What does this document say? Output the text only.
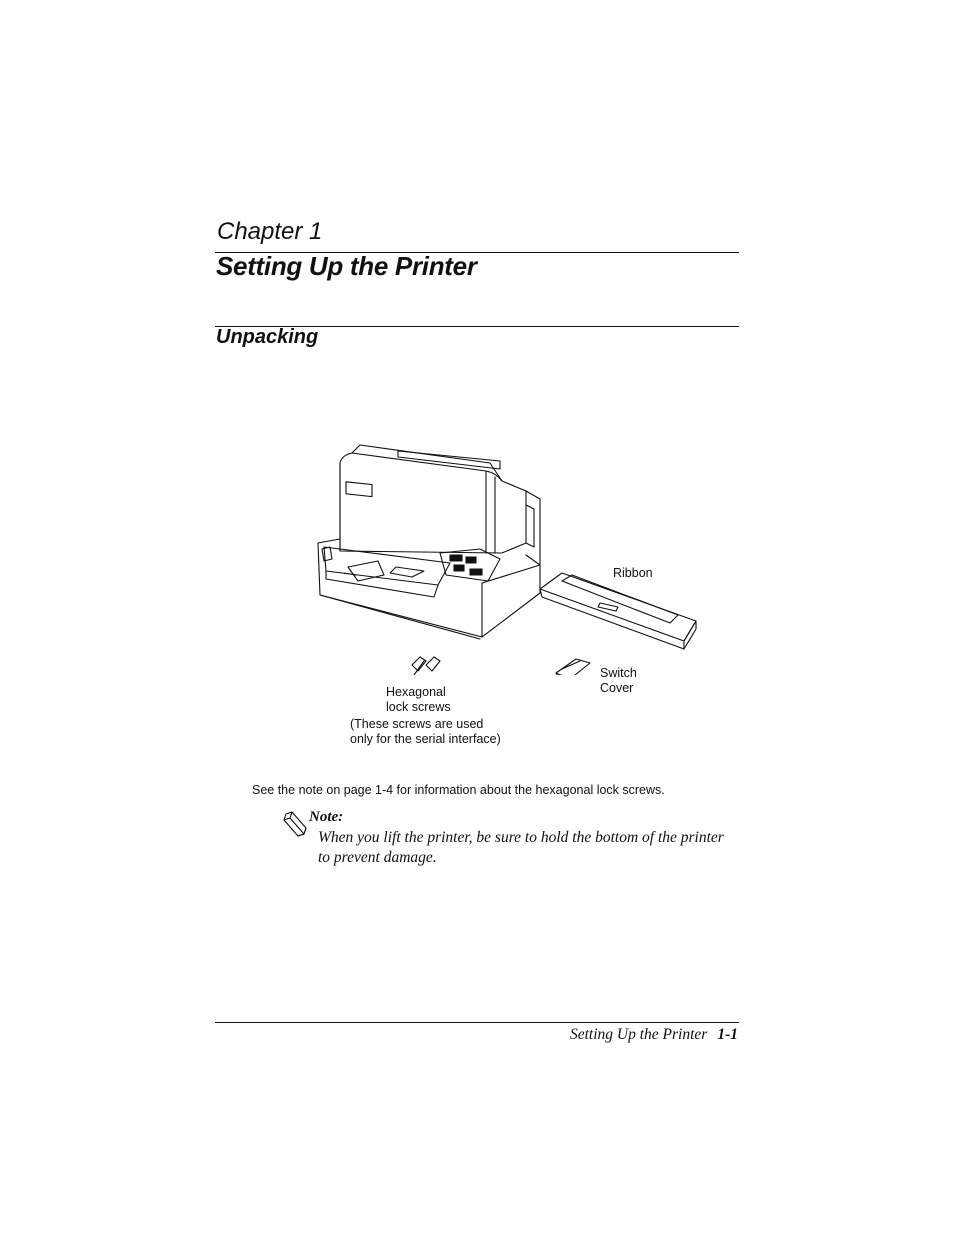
Chapter 1
Setting Up the Printer
Unpacking
Ribbon
Switch
Cover
Hexagonal
lock screws
(These screws are used
only for the serial interface)
See the note on page 1-4 for information about the hexagonal lock screws.
Note:
When you lift the printer, be sure to hold the bottom of the printer to prevent damage.
Setting Up the Printer 1-1
